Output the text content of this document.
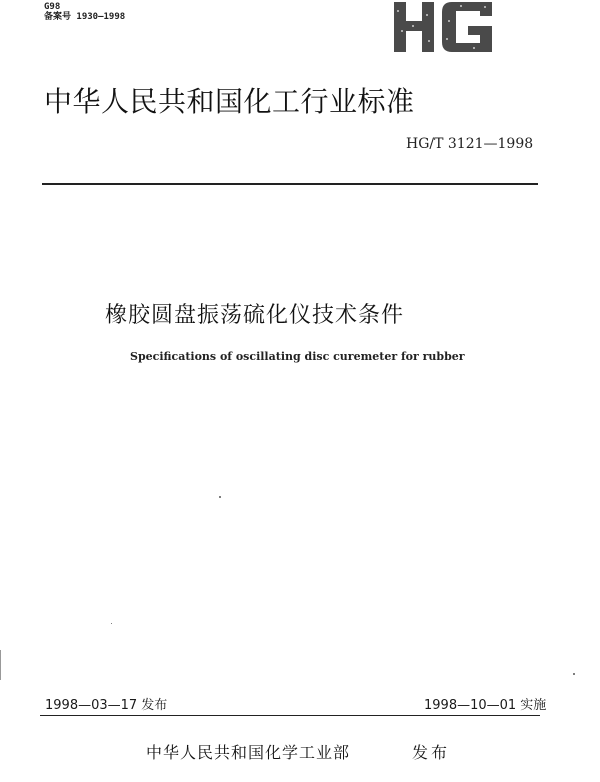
G98
备案号 1930—1998
中华人民共和国化工行业标准
HG/T 3121—1998
橡胶圆盘振荡硫化仪技术条件
Specifications of oscillating disc curemeter for rubber
1998—03—17 发布	1998—10—01 实施
中华人民共和国化学工业部	发布
